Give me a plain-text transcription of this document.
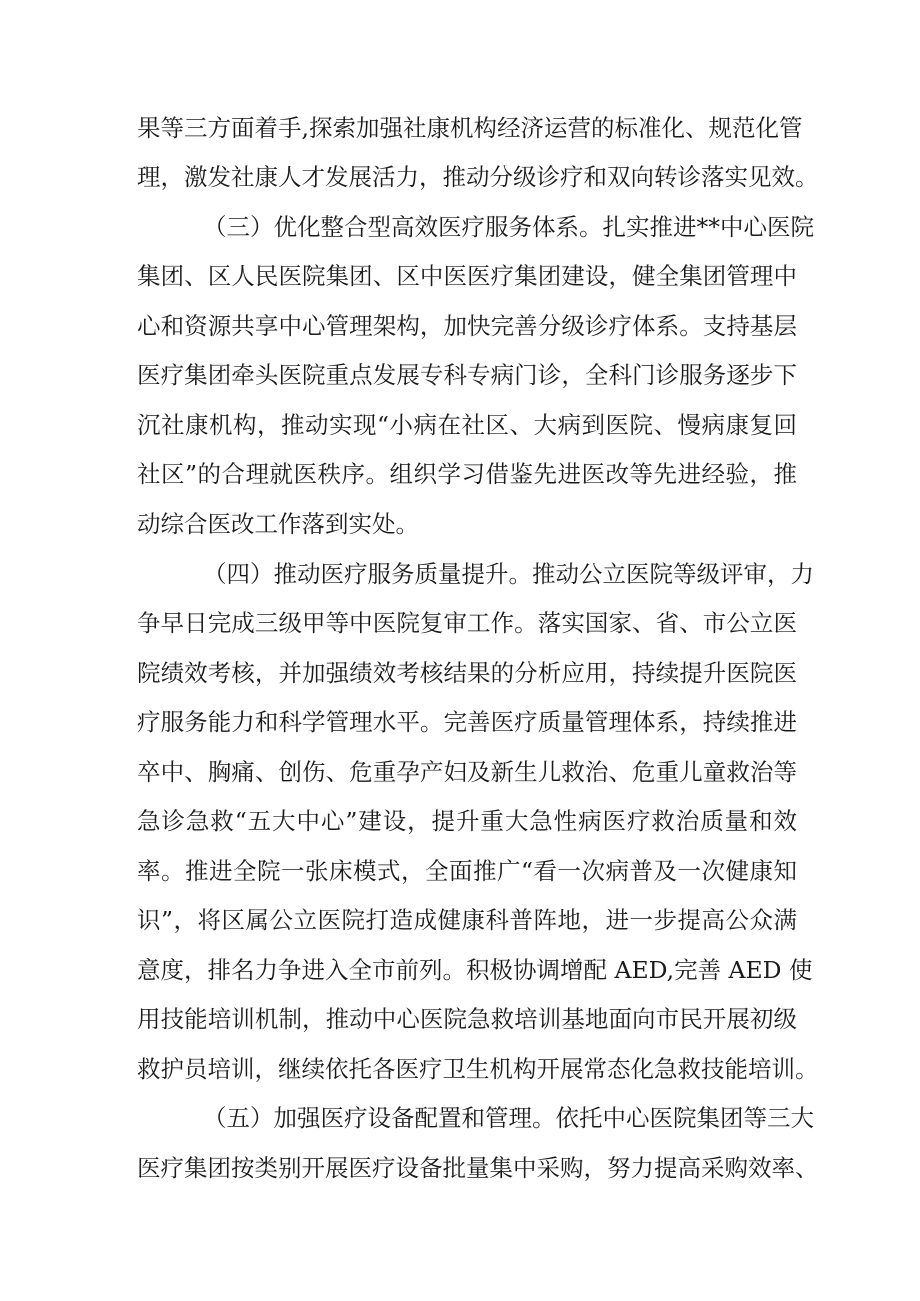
果等三方面着手,探索加强社康机构经济运营的标准化、规范化管
理，激发社康人才发展活力，推动分级诊疗和双向转诊落实见效。
（三）优化整合型高效医疗服务体系。扎实推进**中心医院
集团、区人民医院集团、区中医医疗集团建设，健全集团管理中
心和资源共享中心管理架构，加快完善分级诊疗体系。支持基层
医疗集团牵头医院重点发展专科专病门诊，全科门诊服务逐步下
沉社康机构，推动实现“小病在社区、大病到医院、慢病康复回
社区”的合理就医秩序。组织学习借鉴先进医改等先进经验，推
动综合医改工作落到实处。
（四）推动医疗服务质量提升。推动公立医院等级评审，力
争早日完成三级甲等中医院复审工作。落实国家、省、市公立医
院绩效考核，并加强绩效考核结果的分析应用，持续提升医院医
疗服务能力和科学管理水平。完善医疗质量管理体系，持续推进
卒中、胸痛、创伤、危重孕产妇及新生儿救治、危重儿童救治等
急诊急救“五大中心”建设，提升重大急性病医疗救治质量和效
率。推进全院一张床模式，全面推广“看一次病普及一次健康知
识”，将区属公立医院打造成健康科普阵地，进一步提高公众满
意度，排名力争进入全市前列。积极协调增配 AED,完善 AED 使
用技能培训机制，推动中心医院急救培训基地面向市民开展初级
救护员培训，继续依托各医疗卫生机构开展常态化急救技能培训。
（五）加强医疗设备配置和管理。依托中心医院集团等三大
医疗集团按类别开展医疗设备批量集中采购，努力提高采购效率、
